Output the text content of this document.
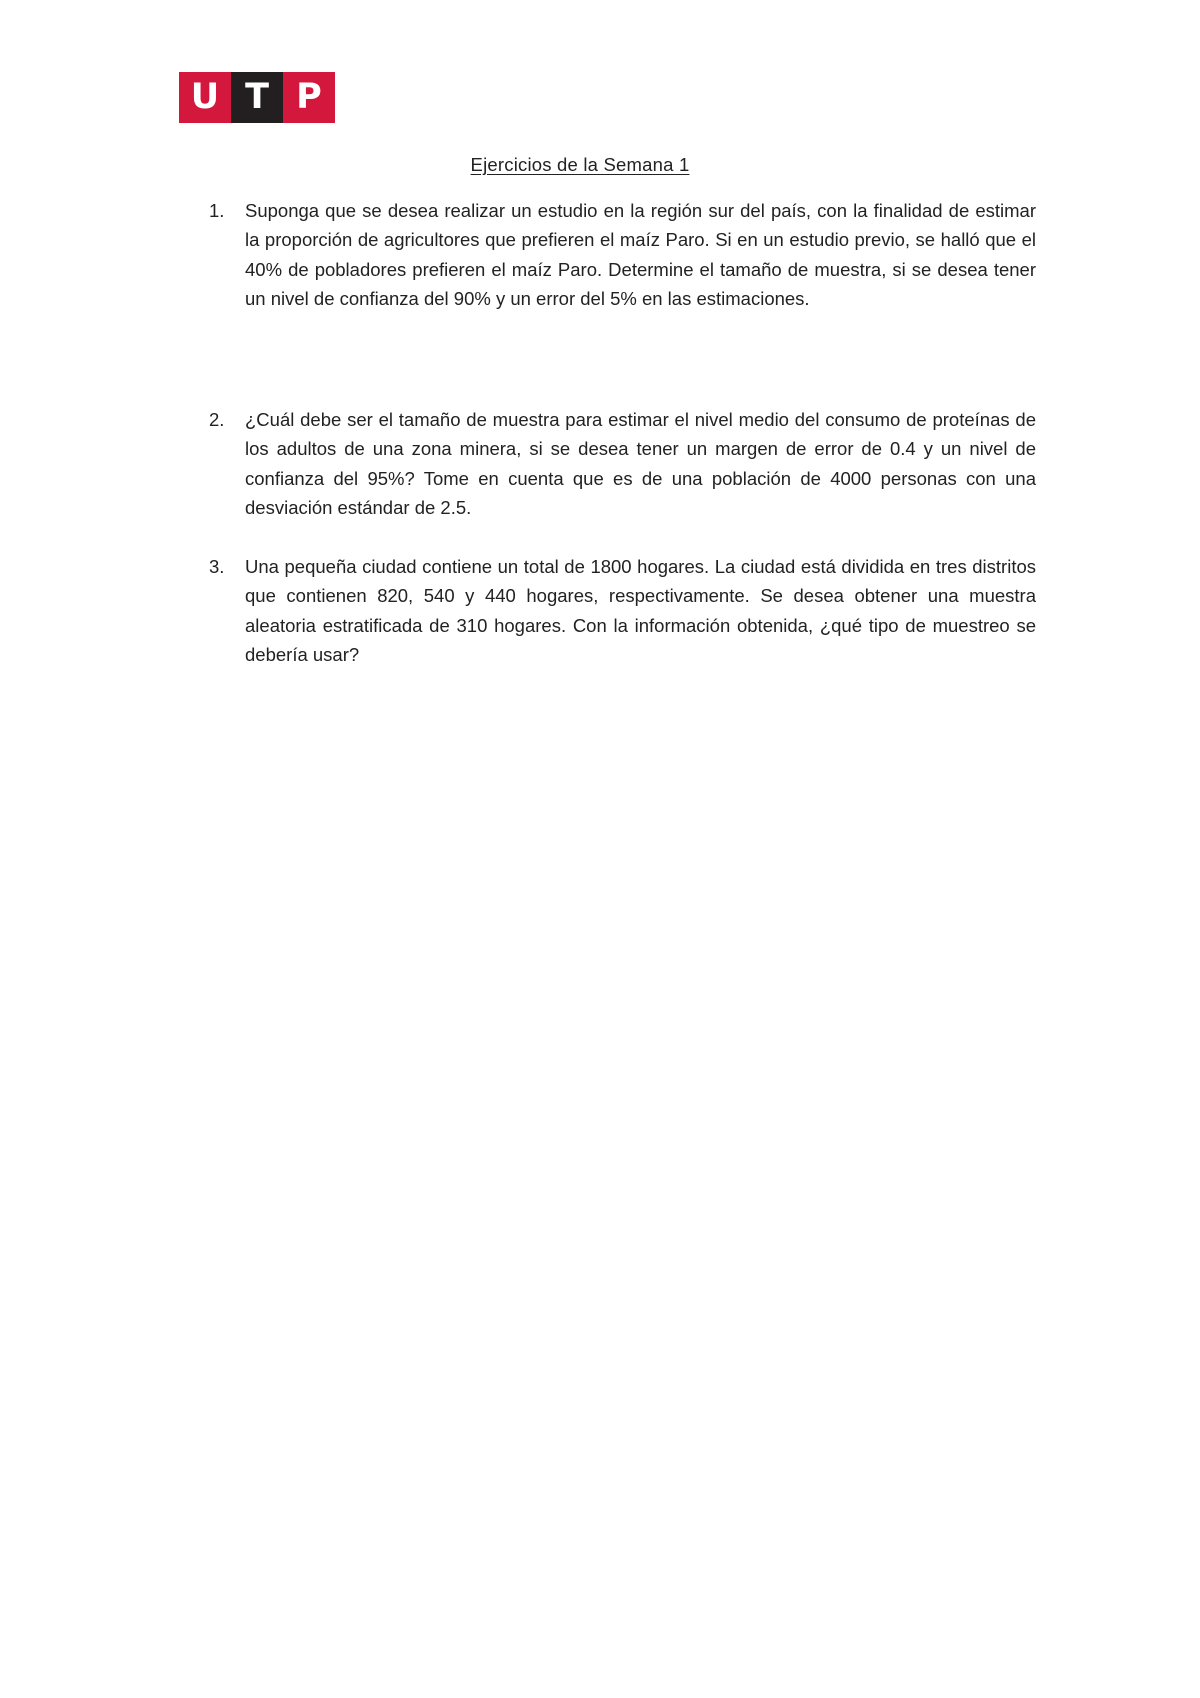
U T P
Ejercicios de la Semana 1
1. Suponga que se desea realizar un estudio en la región sur del país, con la finalidad de estimar la proporción de agricultores que prefieren el maíz Paro. Si en un estudio previo, se halló que el 40% de pobladores prefieren el maíz Paro. Determine el tamaño de muestra, si se desea tener un nivel de confianza del 90% y un error del 5% en las estimaciones.
2. ¿Cuál debe ser el tamaño de muestra para estimar el nivel medio del consumo de proteínas de los adultos de una zona minera, si se desea tener un margen de error de 0.4 y un nivel de confianza del 95%? Tome en cuenta que es de una población de 4000 personas con una desviación estándar de 2.5.
3. Una pequeña ciudad contiene un total de 1800 hogares. La ciudad está dividida en tres distritos que contienen 820, 540 y 440 hogares, respectivamente. Se desea obtener una muestra aleatoria estratificada de 310 hogares. Con la información obtenida, ¿qué tipo de muestreo se debería usar?
